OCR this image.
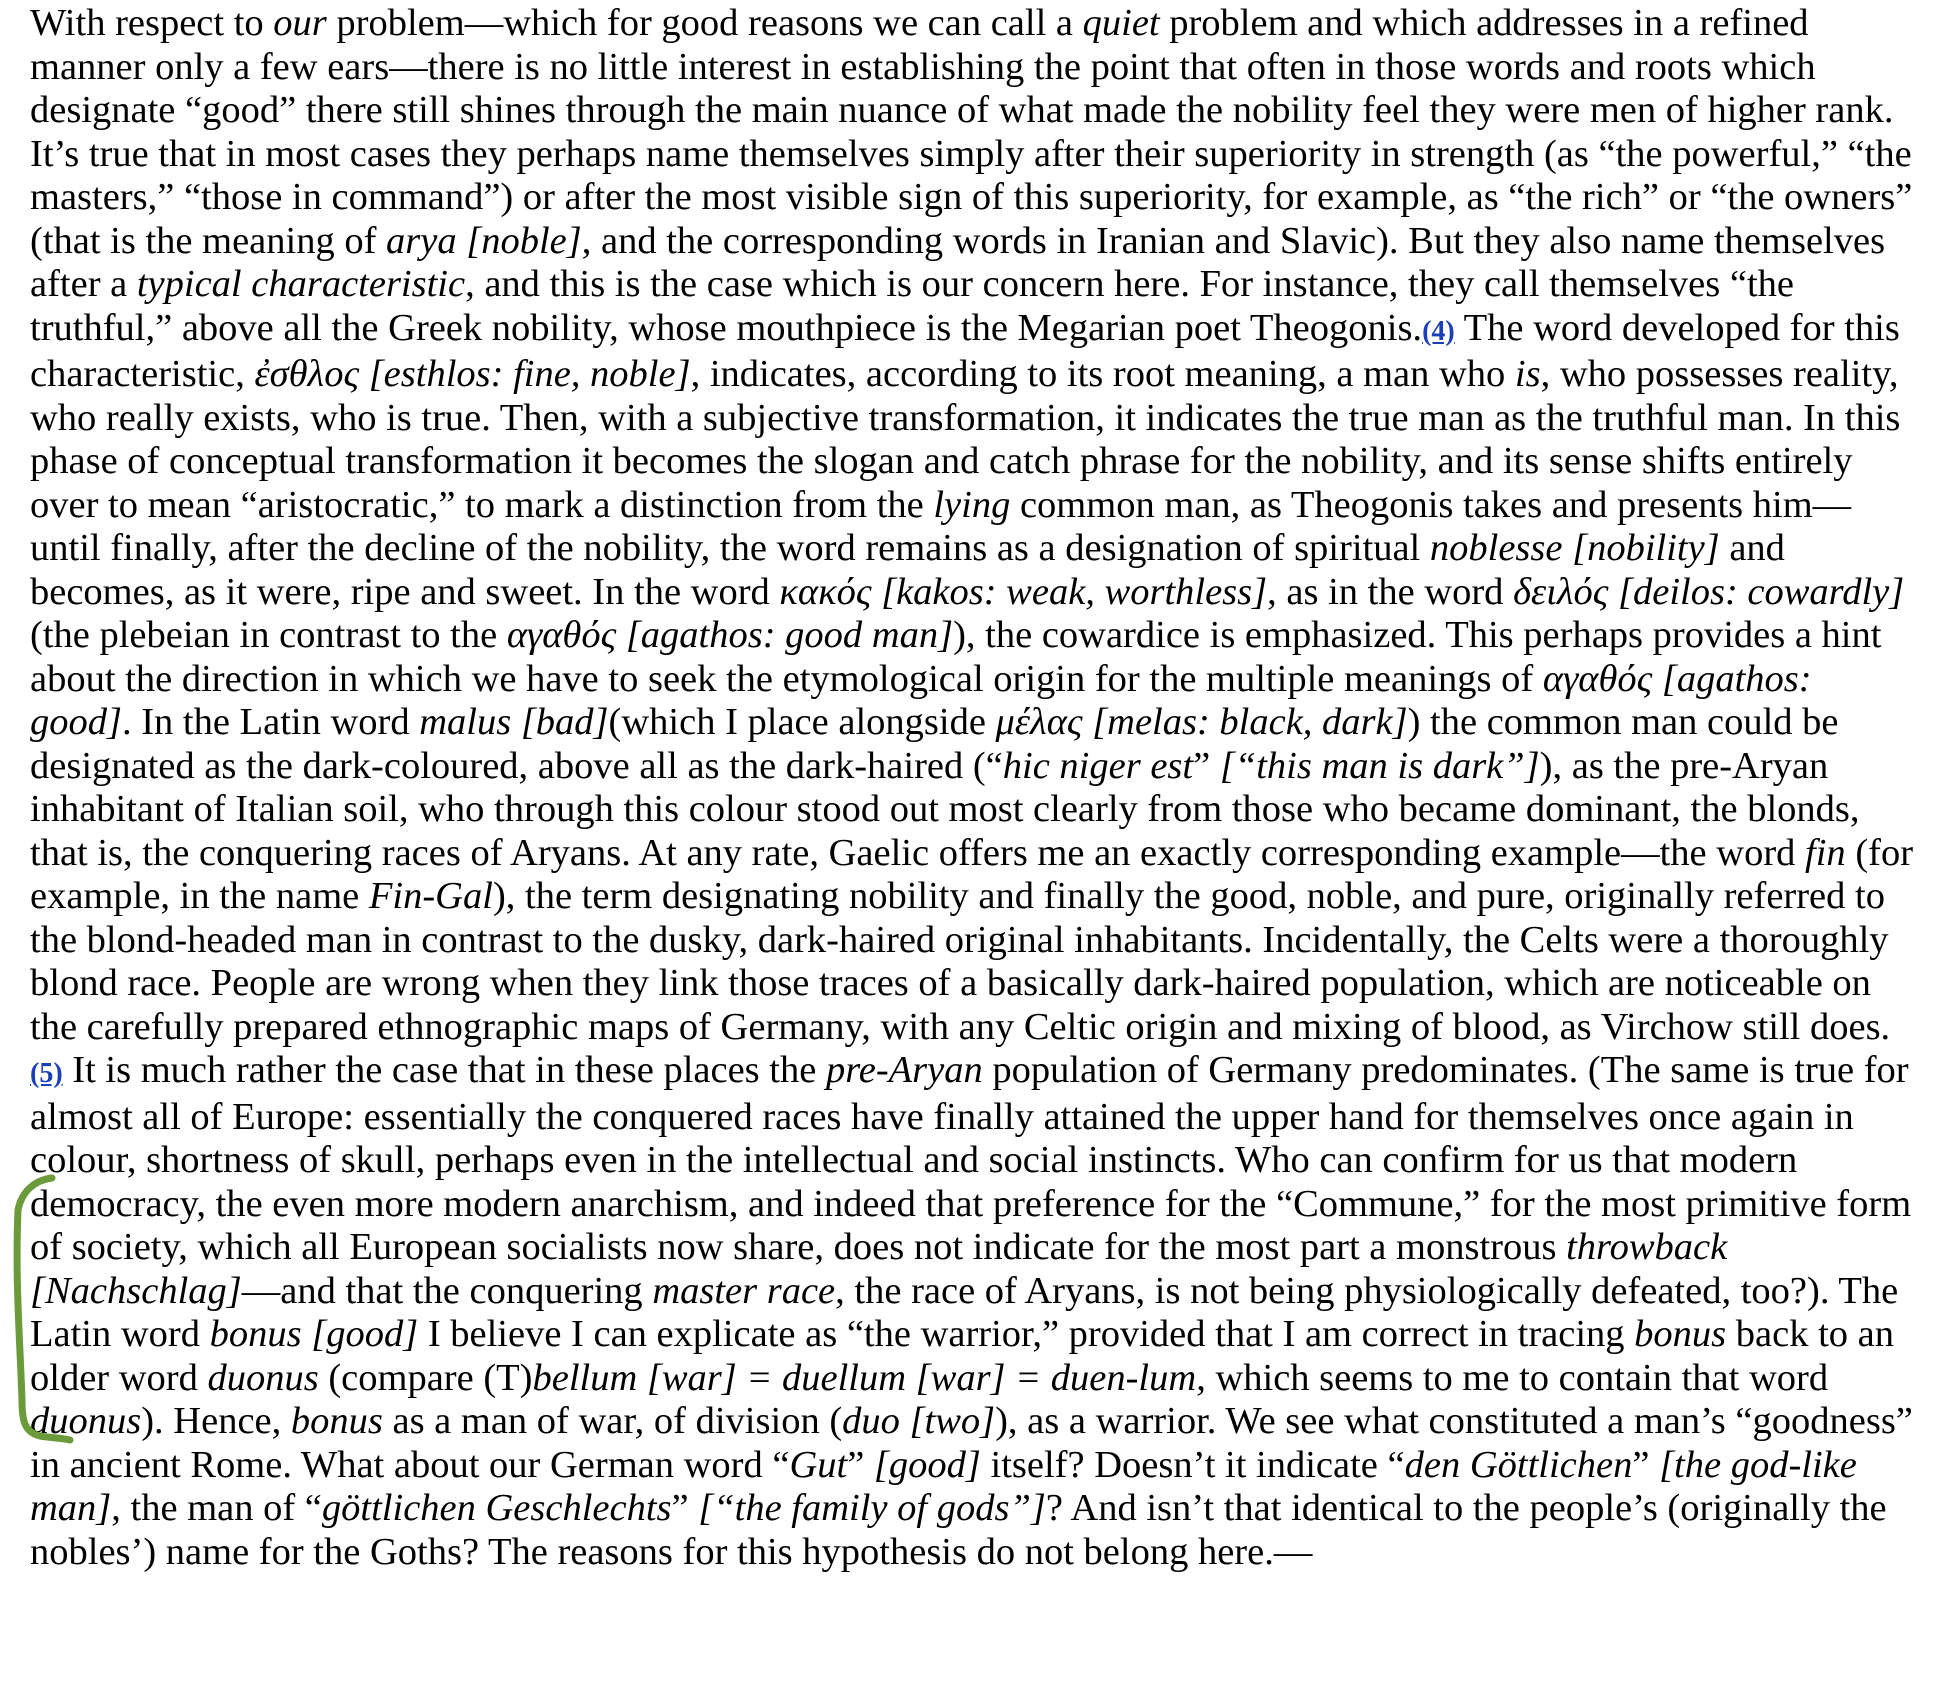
With respect to our problem—which for good reasons we can call a quiet problem and which addresses in a refined manner only a few ears—there is no little interest in establishing the point that often in those words and roots which designate “good” there still shines through the main nuance of what made the nobility feel they were men of higher rank. It’s true that in most cases they perhaps name themselves simply after their superiority in strength (as “the powerful,” “the masters,” “those in command”) or after the most visible sign of this superiority, for example, as “the rich” or “the owners” (that is the meaning of arya [noble], and the corresponding words in Iranian and Slavic). But they also name themselves after a typical characteristic, and this is the case which is our concern here. For instance, they call themselves “the truthful,” above all the Greek nobility, whose mouthpiece is the Megarian poet Theogonis.(4) The word developed for this characteristic, ἐσθλος [esthlos: fine, noble], indicates, according to its root meaning, a man who is, who possesses reality, who really exists, who is true. Then, with a subjective transformation, it indicates the true man as the truthful man. In this phase of conceptual transformation it becomes the slogan and catch phrase for the nobility, and its sense shifts entirely over to mean “aristocratic,” to mark a distinction from the lying common man, as Theogonis takes and presents him—until finally, after the decline of the nobility, the word remains as a designation of spiritual noblesse [nobility] and becomes, as it were, ripe and sweet. In the word κακός [kakos: weak, worthless], as in the word δειλός [deilos: cowardly] (the plebeian in contrast to the αγαθός [agathos: good man]), the cowardice is emphasized. This perhaps provides a hint about the direction in which we have to seek the etymological origin for the multiple meanings of αγαθός [agathos: good]. In the Latin word malus [bad](which I place alongside μέλας [melas: black, dark]) the common man could be designated as the dark-coloured, above all as the dark-haired (“hic niger est” [“this man is dark”]), as the pre-Aryan inhabitant of Italian soil, who through this colour stood out most clearly from those who became dominant, the blonds, that is, the conquering races of Aryans. At any rate, Gaelic offers me an exactly corresponding example—the word fin (for example, in the name Fin-Gal), the term designating nobility and finally the good, noble, and pure, originally referred to the blond-headed man in contrast to the dusky, dark-haired original inhabitants. Incidentally, the Celts were a thoroughly blond race. People are wrong when they link those traces of a basically dark-haired population, which are noticeable on the carefully prepared ethnographic maps of Germany, with any Celtic origin and mixing of blood, as Virchow still does.(5) It is much rather the case that in these places the pre-Aryan population of Germany predominates. (The same is true for almost all of Europe: essentially the conquered races have finally attained the upper hand for themselves once again in colour, shortness of skull, perhaps even in the intellectual and social instincts. Who can confirm for us that modern democracy, the even more modern anarchism, and indeed that preference for the “Commune,” for the most primitive form of society, which all European socialists now share, does not indicate for the most part a monstrous throwback [Nachschlag]—and that the conquering master race, the race of Aryans, is not being physiologically defeated, too?). The Latin word bonus [good] I believe I can explicate as “the warrior,” provided that I am correct in tracing bonus back to an older word duonus (compare (T)bellum [war] = duellum [war] = duen-lum, which seems to me to contain that word duonus). Hence, bonus as a man of war, of division (duo [two]), as a warrior. We see what constituted a man’s “goodness” in ancient Rome. What about our German word “Gut” [good] itself? Doesn’t it indicate “den Göttlichen” [the god-like man], the man of “göttlichen Geschlechts” [“the family of gods”]? And isn’t that identical to the people’s (originally the nobles’) name for the Goths? The reasons for this hypothesis do not belong here.—
